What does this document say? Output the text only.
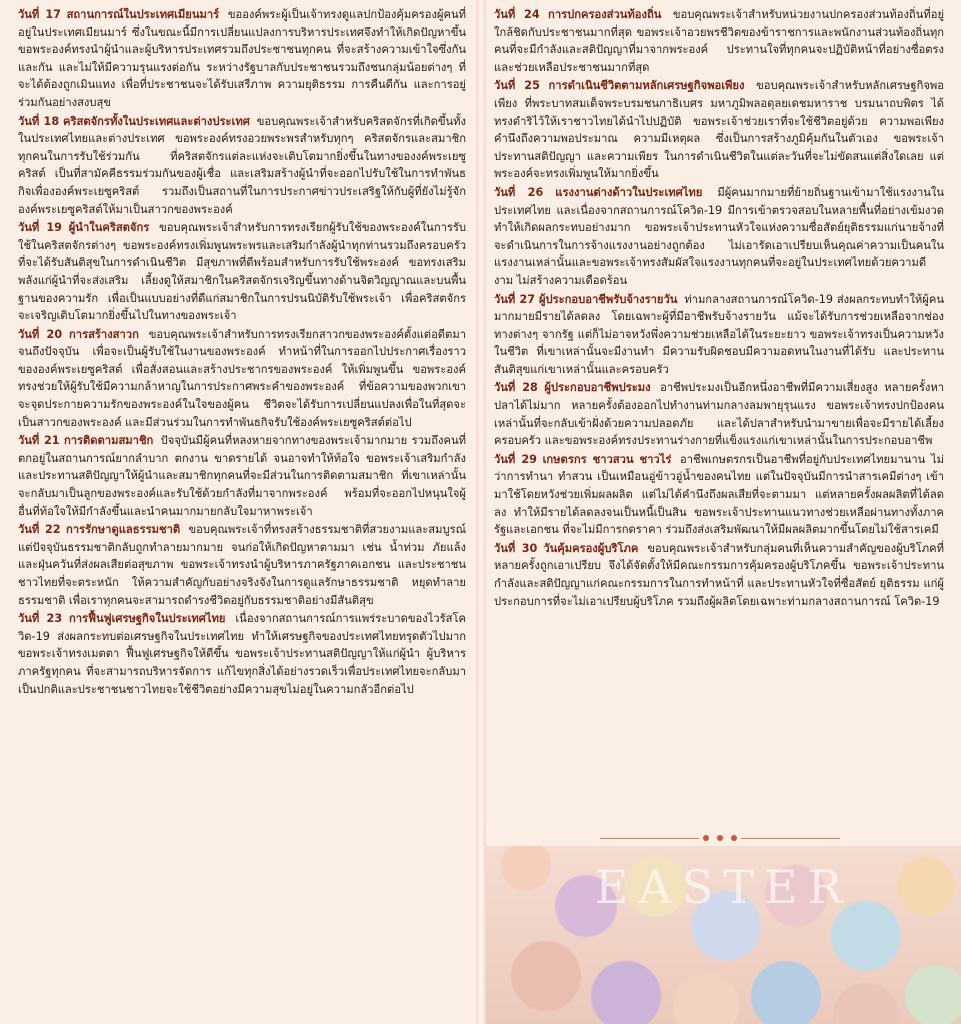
วันที่ 17 สถานการณ์ในประเทศเมียนมาร์ ขอองค์พระผู้เป็นเจ้าทรงดูแลปกป้องคุ้มครองผู้คนที่อยู่ในประเทศเมียนมาร์ ซึ่งในขณะนี้มีการเปลี่ยนแปลงการบริหารประเทศจึงทำให้เกิดปัญหาขึ้น ขอพระองค์ทรงนำผู้นำและผู้บริหารประเทศรวมถึงประชาชนทุกคน ที่จะสร้างความเข้าใจซึ่งกันและกัน และไม่ให้มีความรุนแรงต่อกัน ระหว่างรัฐบาลกับประชาชนรวมถึงชนกลุ่มน้อยต่างๆ ที่จะได้ต้องถูกเมินแทง เพื่อที่ประชาชนจะได้รับเสรีภาพ ความยุติธรรม การคืนดีกัน และการอยู่ร่วมกันอย่างสงบสุข

วันที่ 18 คริสตจักรทั้งในประเทศและต่างประเทศ ขอบคุณพระเจ้าสำหรับคริสตจักรที่เกิดขึ้นทั้งในประเทศไทยและต่างประเทศ ขอพระองค์ทรงอวยพระพรสำหรับทุกๆ คริสตจักรและสมาชิกทุกคนในการรับใช้ร่วมกัน ที่คริสตจักรแต่ละแห่งจะเติบโตมากยิ่งขึ้นในทางของงค์พระเยซูคริสต์ เป็นที่สามัคคีธรรมร่วมกันของผู้เชื่อ และเสริมสร้างผู้นำที่จะออกไปรับใช้ในการทำพันธกิจเพื่ององค์พระเยซูคริสต์ รวมถึงเป็นสถานที่ในการประกาศข่าวประเสริฐให้กับผู้ที่ยังไม่รู้จักองค์พระเยซูคริสต์ให้มาเป็นสาวกของพระองค์

วันที่ 19 ผู้นำในคริสตจักร ขอบคุณพระเจ้าสำหรับการทรงเรียกผู้รับใช้ของพระองค์ในการรับใช้ในคริสตจักรต่างๆ ขอพระองค์ทรงเพิ่มพูนพระพรและเสริมกำลังผู้นำทุกท่านรวมถึงครอบครัวที่จะได้รับสันติสุขในการดำเนินชีวิต มีสุขภาพที่ดีพร้อมสำหรับการรับใช้พระองค์ ขอทรงเสริมพลังแก่ผู้นำที่จะส่งเสริม เลี้ยงดูให้สมาชิกในคริสตจักรเจริญขึ้นทางด้านจิตวิญญาณและบนพื้นฐานของความรัก เพื่อเป็นแบบอย่างที่ดีแก่สมาชิกในการปรนนิบัติรับใช้พระเจ้า เพื่อคริสตจักรจะเจริญเติบโตมากยิ่งขึ้นไปในทางของพระเจ้า

วันที่ 20 การสร้างสาวก ขอบคุณพระเจ้าสำหรับการทรงเรียกสาวกของพระองค์ตั้งแต่อดีตมาจนถึงปัจจุบัน เพื่อจะเป็นผู้รับใช้ในงานของพระองค์ ทำหน้าที่ในการออกไปประกาศเรื่องราวขององค์พระเยซูคริสต์ เพื่อสั่งสอนและสร้างประชากรของพระองค์ ให้เพิ่มพูนขึ้น ขอพระองค์ทรงช่วยให้ผู้รับใช้มีความกล้าหาญในการประกาศพระคำของพระองค์ ที่ข้อความของพวกเขาจะจุดประกายความรักของพระองค์ในใจของผู้คน ชีวิตจะได้รับการเปลี่ยนแปลงเพื่อในที่สุดจะเป็นสาวกของพระองค์ และมีส่วนร่วมในการทำพันธกิจรับใช้องค์พระเยซูคริสต์ต่อไป

วันที่ 21 การติดตามสมาชิก ปัจจุบันมีผู้คนที่หลงหายจากทางของพระเจ้ามากมาย รวมถึงคนที่ตกอยู่ในสถานการณ์ยากลำบาก ตกงาน ขาดรายได้ จนอาจทำให้ท้อใจ ขอพระเจ้าเสริมกำลังและประทานสติปัญญาให้ผู้นำและสมาชิกทุกคนที่จะมีส่วนในการติดตามสมาชิก ที่เขาเหล่านั้นจะกลับมาเป็นลูกของพระองค์และรับใช้ด้วยกำลังที่มาจากพระองค์ พร้อมที่จะออกไปหนุนใจผู้อื่นที่ท้อใจให้มีกำลังขึ้นและนำคนมากมายกลับใจมาหาพระเจ้า

วันที่ 22 การรักษาดูแลธรรมชาติ ขอบคุณพระเจ้าที่ทรงสร้างธรรมชาติที่สวยงามและสมบูรณ์ แต่ปัจจุบันธรรมชาติกลับถูกทำลายมากมาย จนก่อให้เกิดปัญหาตามมา เช่น น้ำท่วม ภัยแล้ง และฝุ่นควันที่ส่งผลเสียต่อสุขภาพ ขอพระเจ้าทรงนำผู้บริหารภาครัฐภาคเอกชน และประชาชนชาวไทยที่จะตระหนัก ให้ความสำคัญกับอย่างจริงจังในการดูแลรักษาธรรมชาติ หยุดทำลายธรรมชาติ เพื่อเราทุกคนจะสามารถดำรงชีวิตอยู่กับธรรมชาติอย่างมีสันติสุข

วันที่ 23 การฟื้นฟูเศรษฐกิจในประเทศไทย เนื่องจากสถานการณ์การแพร่ระบาดของไวรัสโควิด-19 ส่งผลกระทบต่อเศรษฐกิจในประเทศไทย ทำให้เศรษฐกิจของประเทศไทยทรุดตัวไปมาก ขอพระเจ้าทรงเมตตา ฟื้นฟูเศรษฐกิจให้ดีขึ้น ขอพระเจ้าประทานสติปัญญาให้แก่ผู้นำ ผู้บริหารภาครัฐทุกคน ที่จะสามารถบริหารจัดการ แก้ไขทุกสิ่งได้อย่างรวดเร็วเพื่อประเทศไทยจะกลับมาเป็นปกติและประชาชนชาวไทยจะใช้ชีวิตอย่างมีความสุขไม่อยู่ในความกลัวอีกต่อไป

วันที่ 24 การปกครองส่วนท้องถิ่น ขอบคุณพระเจ้าสำหรับหน่วยงานปกครองส่วนท้องถิ่นที่อยู่ใกล้ชิดกับประชาชนมากที่สุด ขอพระเจ้าอวยพรชีวิตของข้าราชการและพนักงานส่วนท้องถิ่นทุกคนที่จะมีกำลังและสติปัญญาที่มาจากพระองค์ ประทานใจที่ทุกคนจะปฏิบัติหน้าที่อย่างซื่อตรง และช่วยเหลือประชาชนมากที่สุด

วันที่ 25 การดำเนินชีวิตตามหลักเศรษฐกิจพอเพียง ขอบคุณพระเจ้าสำหรับหลักเศรษฐกิจพอเพียง ที่พระบาทสมเด็จพระบรมชนกาธิเบศร มหาภูมิพลอดุลยเดชมหาราช บรมนาถบพิตร ได้ทรงดำริไว้ให้เราชาวไทยได้นำไปปฏิบัติ ขอพระเจ้าช่วยเราที่จะใช้ชีวิตอยู่ด้วย ความพอเพียง คำนึงถึงความพอประมาณ ความมีเหตุผล ซึ่งเป็นการสร้างภูมิคุ้มกันในตัวเอง ขอพระเจ้าประทานสติปัญญา และความเพียร ในการดำเนินชีวิตในแต่ละวันที่จะไม่ขัดสนแต่สิ่งใดเลย แต่พระองค์จะทรงเพิ่มพูนให้มากยิ่งขึ้น

วันที่ 26 แรงงานต่างด้าวในประเทศไทย มีผู้คนมากมายที่ย้ายถิ่นฐานเข้ามาใช้แรงงานในประเทศไทย และเนื่องจากสถานการณ์โควิด-19 มีการเข้าตรวจสอบในหลายพื้นที่อย่างเข้มงวด ทำให้เกิดผลกระทบอย่างมาก ขอพระเจ้าประทานหัวใจแห่งความซื่อสัตย์ยุติธรรมแก่นายจ้างที่จะดำเนินการในการจ้างแรงงานอย่างถูกต้อง ไม่เอารัดเอาเปรียบเห็นคุณค่าความเป็นคนในแรงงานเหล่านั้นและขอพระเจ้าทรงสัมผัสใจแรงงานทุกคนที่จะอยู่ในประเทศไทยด้วยความดีงาม ไม่สร้างความเดือดร้อน

วันที่ 27 ผู้ประกอบอาชีพรับจ้างรายวัน ท่ามกลางสถานการณ์โควิด-19 ส่งผลกระทบทำให้ผู้คนมากมายมีรายได้ลดลง โดยเฉพาะผู้ที่มีอาชีพรับจ้างรายวัน แม้จะได้รับการช่วยเหลือจากช่องทางต่างๆ จากรัฐ แต่ก็ไม่อาจหวังพึ่งความช่วยเหลือได้ในระยะยาว ขอพระเจ้าทรงเป็นความหวังในชีวิต ที่เขาเหล่านั้นจะมีงานทำ มีความรับผิดชอบมีความอดทนในงานที่ได้รับ และประทานสันติสุขแก่เขาเหล่านั้นและครอบครัว

วันที่ 28 ผู้ประกอบอาชีพประมง อาชีพประมงเป็นอีกหนึ่งอาชีพที่มีความเสี่ยงสูง หลายครั้งหาปลาได้ไม่มาก หลายครั้งต้องออกไปทำงานท่ามกลางลมพายุรุนแรง ขอพระเจ้าทรงปกป้องคนเหล่านั้นที่จะกลับเข้าฝั่งด้วยความปลอดภัย และได้ปลาสำหรับนำมาขายเพื่อจะมีรายได้เลี้ยงครอบครัว และขอพระองค์ทรงประทานร่างกายที่แข็งแรงแก่เขาเหล่านั้นในการประกอบอาชีพ

วันที่ 29 เกษตรกร ชาวสวน ชาวไร่ อาชีพเกษตรกรเป็นอาชีพที่อยู่กับประเทศไทยมานาน ไม่ว่าการทำนา ทำสวน เป็นเหมือนอู่ข้าวอู่น้ำของคนไทย แต่ในปัจจุบันมีการนำสารเคมีต่างๆ เข้ามาใช้โดยหวังช่วยเพิ่มผลผลิต แต่ไม่ได้คำนึงถึงผลเสียที่จะตามมา แต่หลายครั้งผลผลิตที่ได้ลดลง ทำให้มีรายได้ลดลงจนเป็นหนี้เป็นสิน ขอพระเจ้าประทานแนวทางช่วยเหลือผ่านทางทั้งภาครัฐและเอกชน ที่จะไม่มีการกดราคา ร่วมถึงส่งเสริมพัฒนาให้มีผลผลิตมากขึ้นโดยไม่ใช้สารเคมี

วันที่ 30 วันคุ้มครองผู้บริโภค ขอบคุณพระเจ้าสำหรับกลุ่มคนที่เห็นความสำคัญของผู้บริโภคที่หลายครั้งถูกเอาเปรียบ จึงได้จัดตั้งให้มีคณะกรรมการคุ้มครองผู้บริโภคขึ้น ขอพระเจ้าประทานกำลังและสติปัญญาแก่คณะกรรมการในการทำหน้าที่ และประทานหัวใจที่ซื่อสัตย์ ยุติธรรม แก่ผู้ประกอบการที่จะไม่เอาเปรียบผู้บริโภค รวมถึงผู้ผลิตโดยเฉพาะท่ามกลางสถานการณ์ โควิด-19

EASTER
